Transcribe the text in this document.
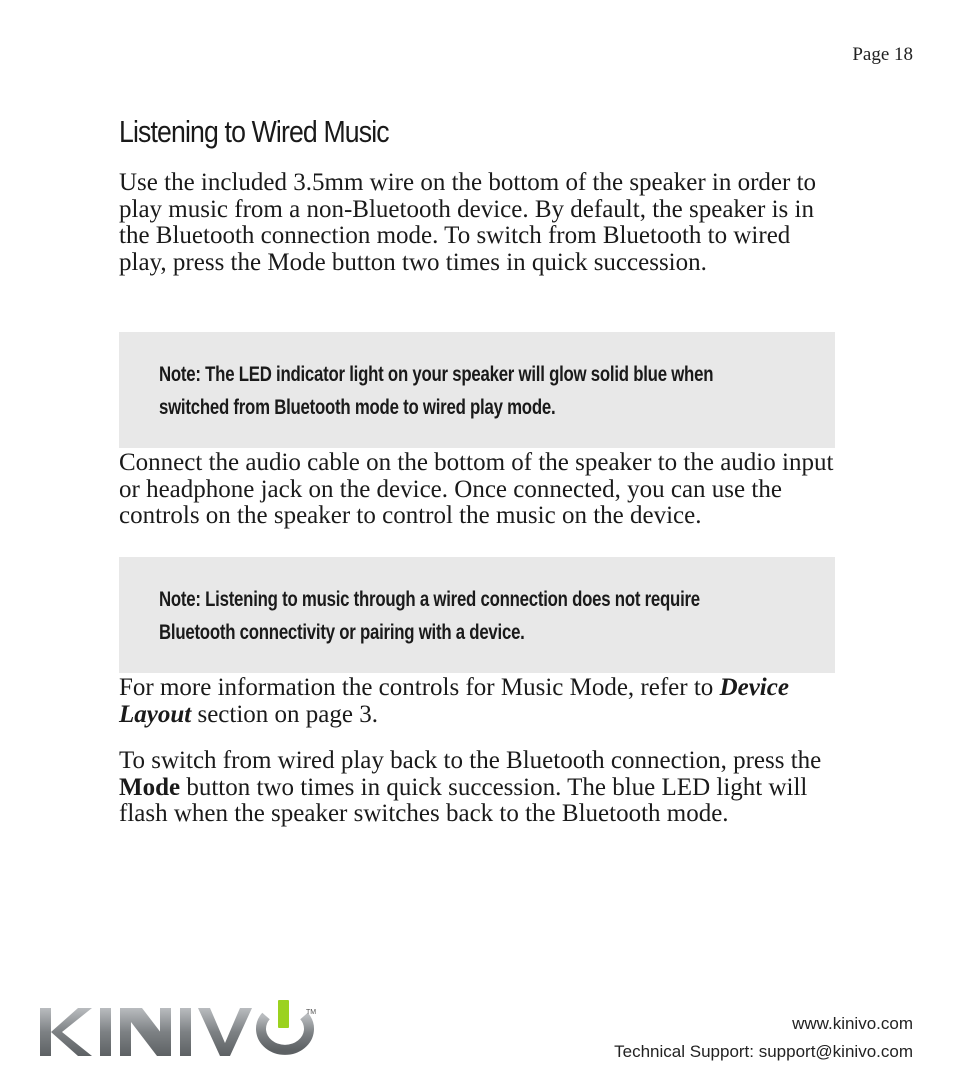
Page 18
Listening to Wired Music

Use the included 3.5mm wire on the bottom of the speaker in order to play music from a non-Bluetooth device. By default, the speaker is in the Bluetooth connection mode. To switch from Bluetooth to wired play, press the Mode button two times in quick succession.

Note: The LED indicator light on your speaker will glow solid blue when switched from Bluetooth mode to wired play mode.

Connect the audio cable on the bottom of the speaker to the audio input or headphone jack on the device. Once connected, you can use the controls on the speaker to control the music on the device.

Note: Listening to music through a wired connection does not require Bluetooth connectivity or pairing with a device.

For more information the controls for Music Mode, refer to Device Layout section on page 3.

To switch from wired play back to the Bluetooth connection, press the Mode button two times in quick succession. The blue LED light will flash when the speaker switches back to the Bluetooth mode.

TM
www.kinivo.com
Technical Support: support@kinivo.com
